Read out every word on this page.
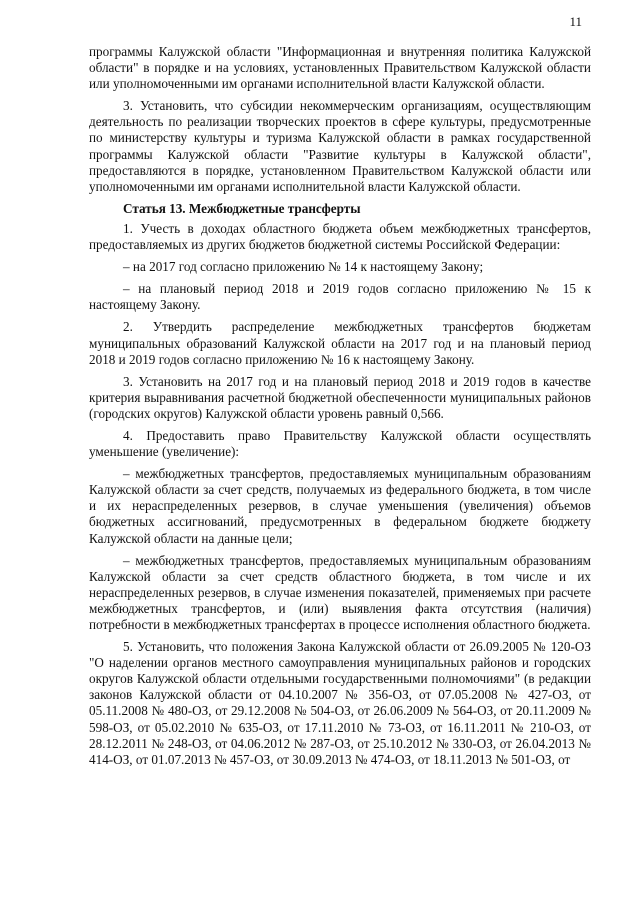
11

программы Калужской области "Информационная и внутренняя политика Калужской области" в порядке и на условиях, установленных Правительством Калужской области или уполномоченными им органами исполнительной власти Калужской области.

3. Установить, что субсидии некоммерческим организациям, осуществляющим деятельность по реализации творческих проектов в сфере культуры, предусмотренные по министерству культуры и туризма Калужской области в рамках государственной программы Калужской области "Развитие культуры в Калужской области", предоставляются в порядке, установленном Правительством Калужской области или уполномоченными им органами исполнительной власти Калужской области.

Статья 13. Межбюджетные трансферты

1. Учесть в доходах областного бюджета объем межбюджетных трансфертов, предоставляемых из других бюджетов бюджетной системы Российской Федерации:

– на 2017 год согласно приложению № 14 к настоящему Закону;

– на плановый период 2018 и 2019 годов согласно приложению № 15 к настоящему Закону.

2. Утвердить распределение межбюджетных трансфертов бюджетам муниципальных образований Калужской области на 2017 год и на плановый период 2018 и 2019 годов согласно приложению № 16 к настоящему Закону.

3. Установить на 2017 год и на плановый период 2018 и 2019 годов в качестве критерия выравнивания расчетной бюджетной обеспеченности муниципальных районов (городских округов) Калужской области уровень равный 0,566.

4. Предоставить право Правительству Калужской области осуществлять уменьшение (увеличение):

– межбюджетных трансфертов, предоставляемых муниципальным образованиям Калужской области за счет средств, получаемых из федерального бюджета, в том числе и их нераспределенных резервов, в случае уменьшения (увеличения) объемов бюджетных ассигнований, предусмотренных в федеральном бюджете бюджету Калужской области на данные цели;

– межбюджетных трансфертов, предоставляемых муниципальным образованиям Калужской области за счет средств областного бюджета, в том числе и их нераспределенных резервов, в случае изменения показателей, применяемых при расчете межбюджетных трансфертов, и (или) выявления факта отсутствия (наличия) потребности в межбюджетных трансфертах в процессе исполнения областного бюджета.

5. Установить, что положения Закона Калужской области от 26.09.2005 № 120-ОЗ "О наделении органов местного самоуправления муниципальных районов и городских округов Калужской области отдельными государственными полномочиями" (в редакции законов Калужской области от 04.10.2007 № 356-ОЗ, от 07.05.2008 № 427-ОЗ, от 05.11.2008 № 480-ОЗ, от 29.12.2008 № 504-ОЗ, от 26.06.2009 № 564-ОЗ, от 20.11.2009 № 598-ОЗ, от 05.02.2010 № 635-ОЗ, от 17.11.2010 № 73-ОЗ, от 16.11.2011 № 210-ОЗ, от 28.12.2011 № 248-ОЗ, от 04.06.2012 № 287-ОЗ, от 25.10.2012 № 330-ОЗ, от 26.04.2013 № 414-ОЗ, от 01.07.2013 № 457-ОЗ, от 30.09.2013 № 474-ОЗ, от 18.11.2013 № 501-ОЗ, от
